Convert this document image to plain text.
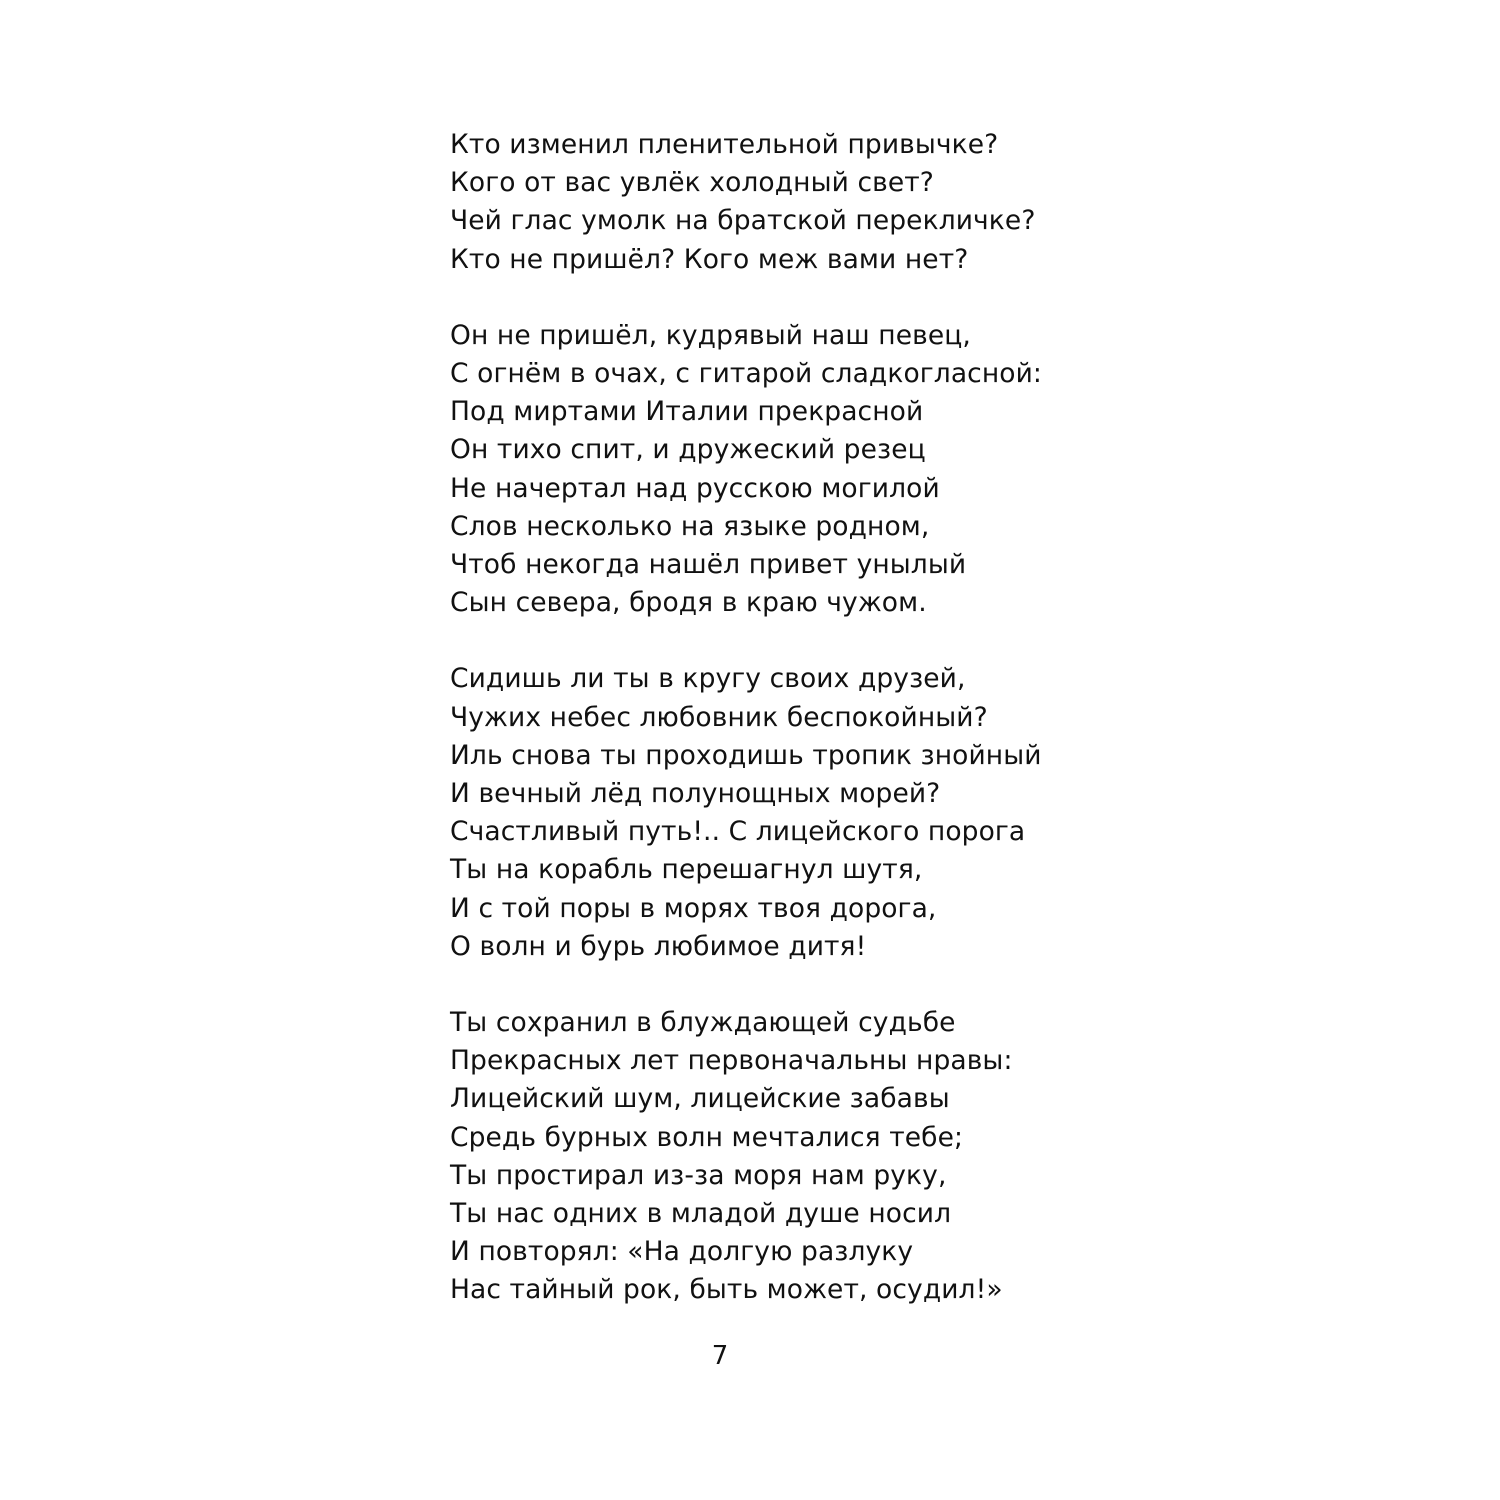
Кто изменил пленительной привычке?
Кого от вас увлёк холодный свет?
Чей глас умолк на братской перекличке?
Кто не пришёл? Кого меж вами нет?
Он не пришёл, кудрявый наш певец,
С огнём в очах, с гитарой сладкогласной:
Под миртами Италии прекрасной
Он тихо спит, и дружеский резец
Не начертал над русскою могилой
Слов несколько на языке родном,
Чтоб некогда нашёл привет унылый
Сын севера, бродя в краю чужом.
Сидишь ли ты в кругу своих друзей,
Чужих небес любовник беспокойный?
Иль снова ты проходишь тропик знойный
И вечный лёд полунощных морей?
Счастливый путь!.. С лицейского порога
Ты на корабль перешагнул шутя,
И с той поры в морях твоя дорога,
О волн и бурь любимое дитя!
Ты сохранил в блуждающей судьбе
Прекрасных лет первоначальны нравы:
Лицейский шум, лицейские забавы
Средь бурных волн мечталися тебе;
Ты простирал из-за моря нам руку,
Ты нас одних в младой душе носил
И повторял: «На долгую разлуку
Нас тайный рок, быть может, осудил!»
7
